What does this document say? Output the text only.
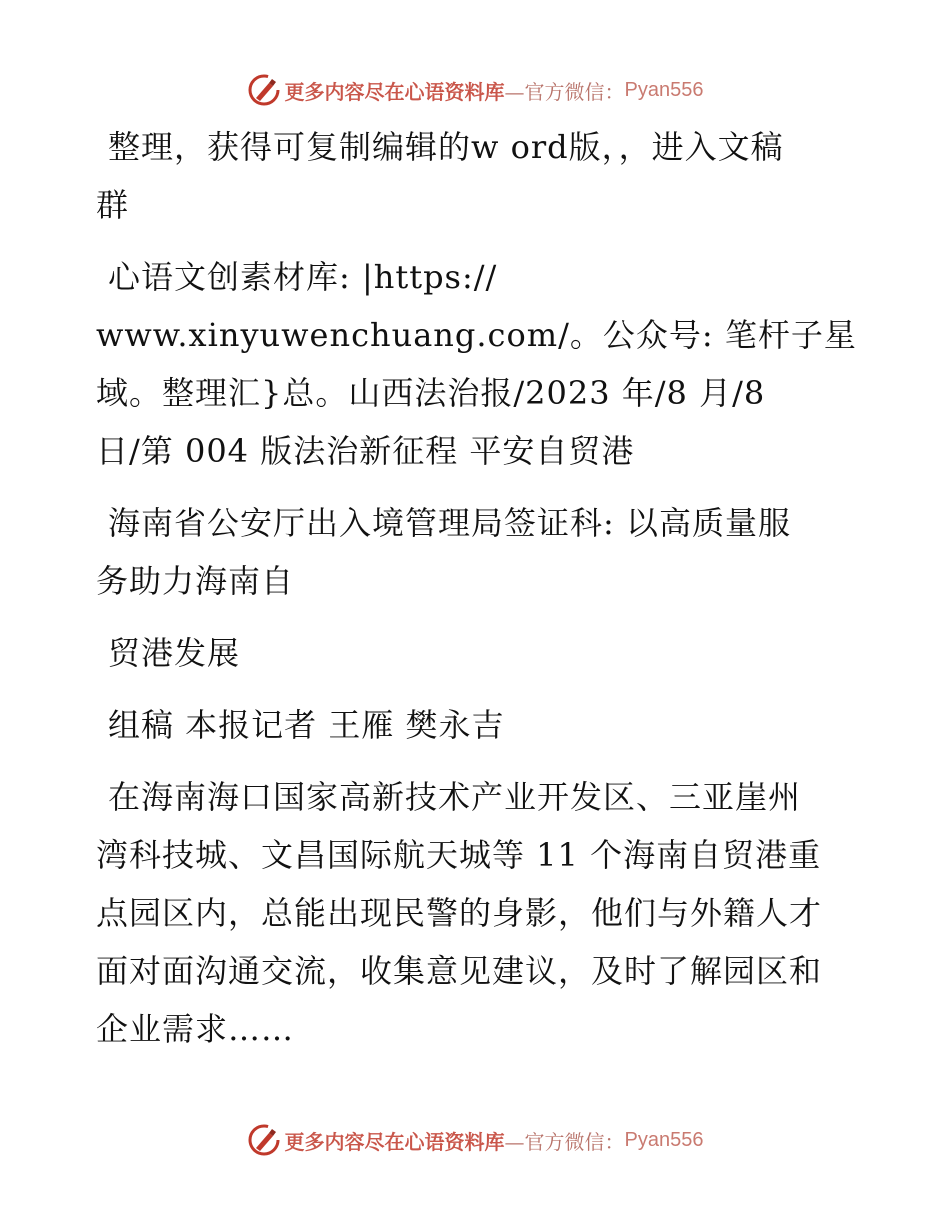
更多内容尽在心语资料库 —官方微信： Pyan556

整理，获得可复制编辑的w ord版，，进入文稿
群

心语文创素材库: |https://
www.xinyuwenchuang.com/。公众号: 笔杆子星
域。整理汇}总。山西法治报/2023 年/8 月/8
日/第 004 版法治新征程 平安自贸港

海南省公安厅出入境管理局签证科: 以高质量服
务助力海南自

贸港发展

组稿 本报记者 王雁 樊永吉

在海南海口国家高新技术产业开发区、三亚崖州
湾科技城、文昌国际航天城等 11 个海南自贸港重
点园区内，总能出现民警的身影，他们与外籍人才
面对面沟通交流，收集意见建议，及时了解园区和
企业需求……

更多内容尽在心语资料库 —官方微信： Pyan556
